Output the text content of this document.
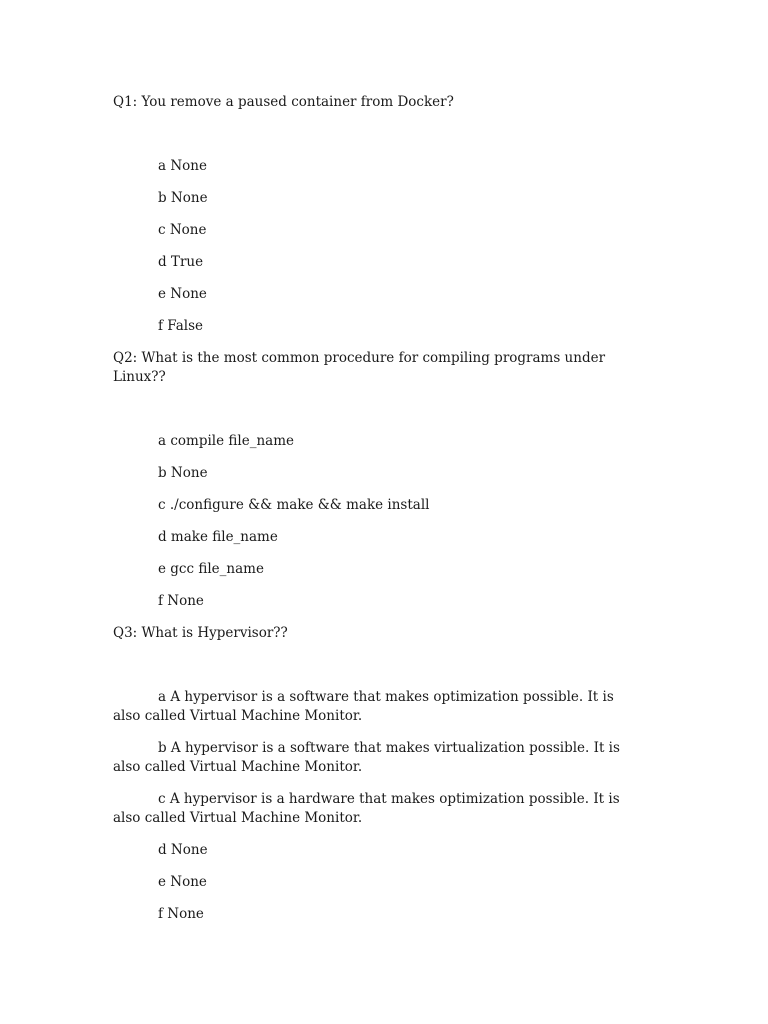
Q1: You remove a paused container from Docker?

a None

b None

c None

d True

e None

f False

Q2: What is the most common procedure for compiling programs under Linux??

a compile file_name

b None

c ./configure && make && make install

d make file_name

e gcc file_name

f None

Q3: What is Hypervisor??

a A hypervisor is a software that makes optimization possible. It is also called Virtual Machine Monitor.

b A hypervisor is a software that makes virtualization possible. It is also called Virtual Machine Monitor.

c A hypervisor is a hardware that makes optimization possible. It is also called Virtual Machine Monitor.

d None

e None

f None
